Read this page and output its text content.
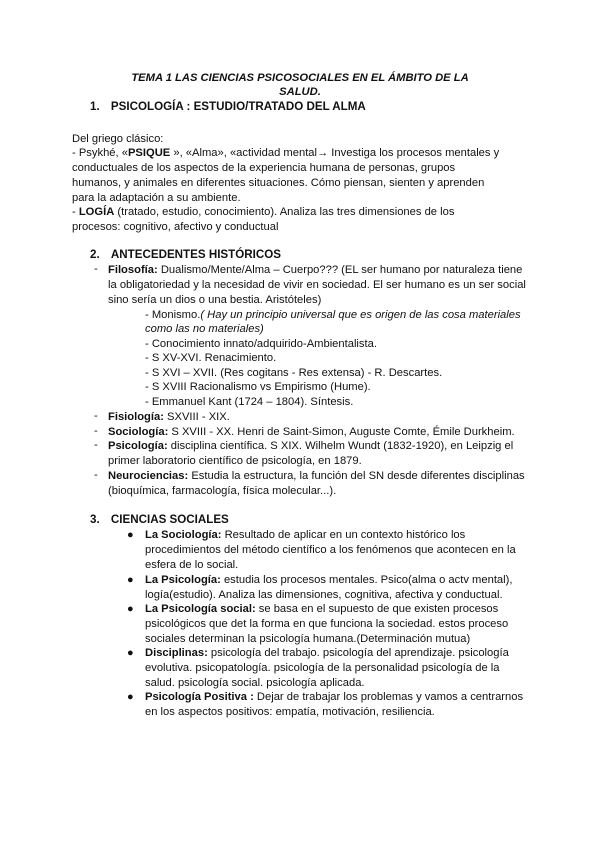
TEMA 1 LAS CIENCIAS PSICOSOCIALES EN EL ÁMBITO DE LA
SALUD.
1. PSICOLOGÍA : ESTUDIO/TRATADO DEL ALMA
Del griego clásico:
- Psykhé, «PSIQUE », «Alma», «actividad mental→ Investiga los procesos mentales y
conductuales de los aspectos de la experiencia humana de personas, grupos
humanos, y animales en diferentes situaciones. Cómo piensan, sienten y aprenden
para la adaptación a su ambiente.
- LOGÍA (tratado, estudio, conocimiento). Analiza las tres dimensiones de los
procesos: cognitivo, afectivo y conductual
2. ANTECEDENTES HISTÓRICOS
- Filosofía: Dualismo/Mente/Alma – Cuerpo??? (EL ser humano por naturaleza tiene
la obligatoriedad y la necesidad de vivir en sociedad. El ser humano es un ser social
sino sería un dios o una bestia. Aristóteles)
- Monismo.( Hay un principio universal que es origen de las cosa materiales
como las no materiales)
- Conocimiento innato/adquirido-Ambientalista.
- S XV-XVI. Renacimiento.
- S XVI – XVII. (Res cogitans - Res extensa) - R. Descartes.
- S XVIII Racionalismo vs Empirismo (Hume).
- Emmanuel Kant (1724 – 1804). Síntesis.
- Fisiología: SXVIII - XIX.
- Sociología: S XVIII - XX. Henri de Saint-Simon, Auguste Comte, Émile Durkheim.
- Psicología: disciplina científica. S XIX. Wilhelm Wundt (1832-1920), en Leipzig el
primer laboratorio científico de psicología, en 1879.
- Neurociencias: Estudia la estructura, la función del SN desde diferentes disciplinas
(bioquímica, farmacología, física molecular...).
3. CIENCIAS SOCIALES
● La Sociología: Resultado de aplicar en un contexto histórico los
procedimientos del método científico a los fenómenos que acontecen en la
esfera de lo social.
● La Psicología: estudia los procesos mentales. Psico(alma o actv mental),
logía(estudio). Analiza las dimensiones, cognitiva, afectiva y conductual.
● La Psicología social: se basa en el supuesto de que existen procesos
psicológicos que det la forma en que funciona la sociedad. estos proceso
sociales determinan la psicología humana.(Determinación mutua)
● Disciplinas: psicología del trabajo. psicología del aprendizaje. psicología
evolutiva. psicopatología. psicología de la personalidad psicología de la
salud. psicología social. psicología aplicada.
● Psicología Positiva : Dejar de trabajar los problemas y vamos a centrarnos
en los aspectos positivos: empatía, motivación, resiliencia.
